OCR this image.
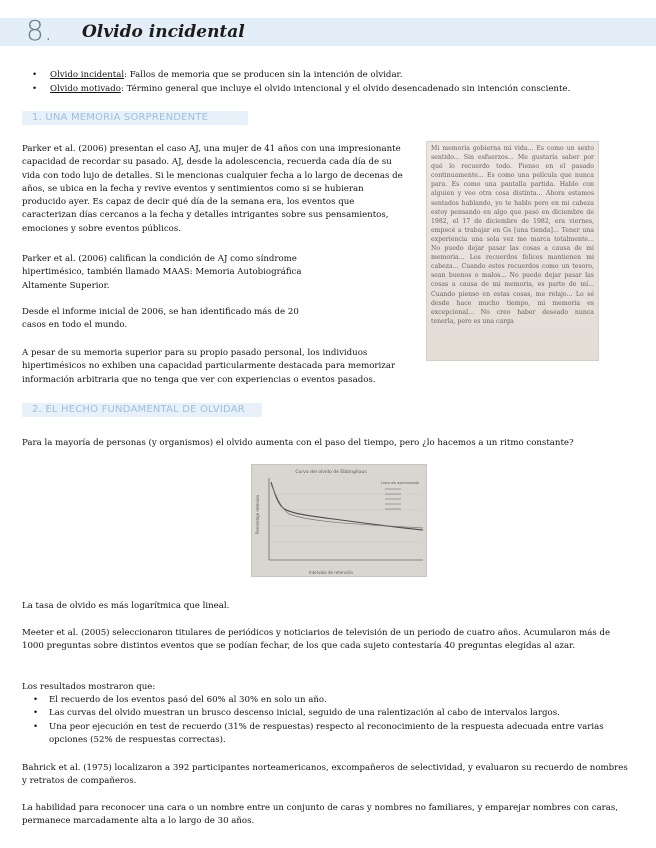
8. Olvido incidental
• Olvido incidental: Fallos de memoria que se producen sin la intención de olvidar.
• Olvido motivado: Término general que incluye el olvido intencional y el olvido desencadenado sin intención consciente.
1. UNA MEMORIA SORPRENDENTE

Parker et al. (2006) presentan el caso AJ, una mujer de 41 años con una impresionante capacidad de recordar su pasado. AJ, desde la adolescencia, recuerda cada día de su vida con todo lujo de detalles. Si le mencionas cualquier fecha a lo largo de decenas de años, se ubica en la fecha y revive eventos y sentimientos como si se hubieran producido ayer. Es capaz de decir qué día de la semana era, los eventos que caracterizan días cercanos a la fecha y detalles intrigantes sobre sus pensamientos, emociones y sobre eventos públicos.

Parker et al. (2006) califican la condición de AJ como síndrome hipertimésico, también llamado MAAS: Memoria Autobiográfica Altamente Superior.

Desde el informe inicial de 2006, se han identificado más de 20 casos en todo el mundo.

A pesar de su memoria superior para su propio pasado personal, los individuos hipertimésicos no exhiben una capacidad particularmente destacada para memorizar información arbitraria que no tenga que ver con experiencias o eventos pasados.

Mi memoria gobierna mi vida... Es como un sexto sentido... Sin esfuerzos... Me gustaría saber por qué lo recuerdo todo. Pienso en el pasado continuamente... Es como una película que nunca para. Es como una pantalla partida. Hablo con alguien y veo otra cosa distinta... Ahora estamos sentados hablando, yo te hablo pero en mi cabeza estoy pensando en algo que pasó en diciembre de 1982, el 17 de diciembre de 1982, era viernes, empecé a trabajar en Gs [una tienda]... Tener una experiencia una sola vez me marca totalmente... No puedo dejar pasar las cosas a causa de mi memoria... Los recuerdos felices mantienen mi cabeza... Cuando estos recuerdos como un tesoro, sean buenos o malos... No puedo dejar pasar las cosas a causa de mi memoria, es parte de mí... Cuando pienso en estas cosas, me relajo... Lo sé desde hace mucho tiempo, mi memoria es excepcional... No creo haber deseado nunca tenerla, pero es una carga

2. EL HECHO FUNDAMENTAL DE OLVIDAR

Para la mayoría de personas (y organismos) el olvido aumenta con el paso del tiempo, pero ¿lo hacemos a un ritmo constante?

Curva del olvido de Ebbinghaus
Porcentaje retenido
Intervalo de retención
Lista de aprendizaje

La tasa de olvido es más logarítmica que lineal.

Meeter et al. (2005) seleccionaron titulares de periódicos y noticiarios de televisión de un periodo de cuatro años. Acumularon más de 1000 preguntas sobre distintos eventos que se podían fechar, de los que cada sujeto contestaría 40 preguntas elegidas al azar.

Los resultados mostraron que:

• El recuerdo de los eventos pasó del 60% al 30% en solo un año.
• Las curvas del olvido muestran un brusco descenso inicial, seguido de una ralentización al cabo de intervalos largos.
• Una peor ejecución en test de recuerdo (31% de respuestas) respecto al reconocimiento de la respuesta adecuada entre varias opciones (52% de respuestas correctas).

Bahrick et al. (1975) localizaron a 392 participantes norteamericanos, excompañeros de selectividad, y evaluaron su recuerdo de nombres y retratos de compañeros.

La habilidad para reconocer una cara o un nombre entre un conjunto de caras y nombres no familiares, y emparejar nombres con caras, permanece marcadamente alta a lo largo de 30 años.
